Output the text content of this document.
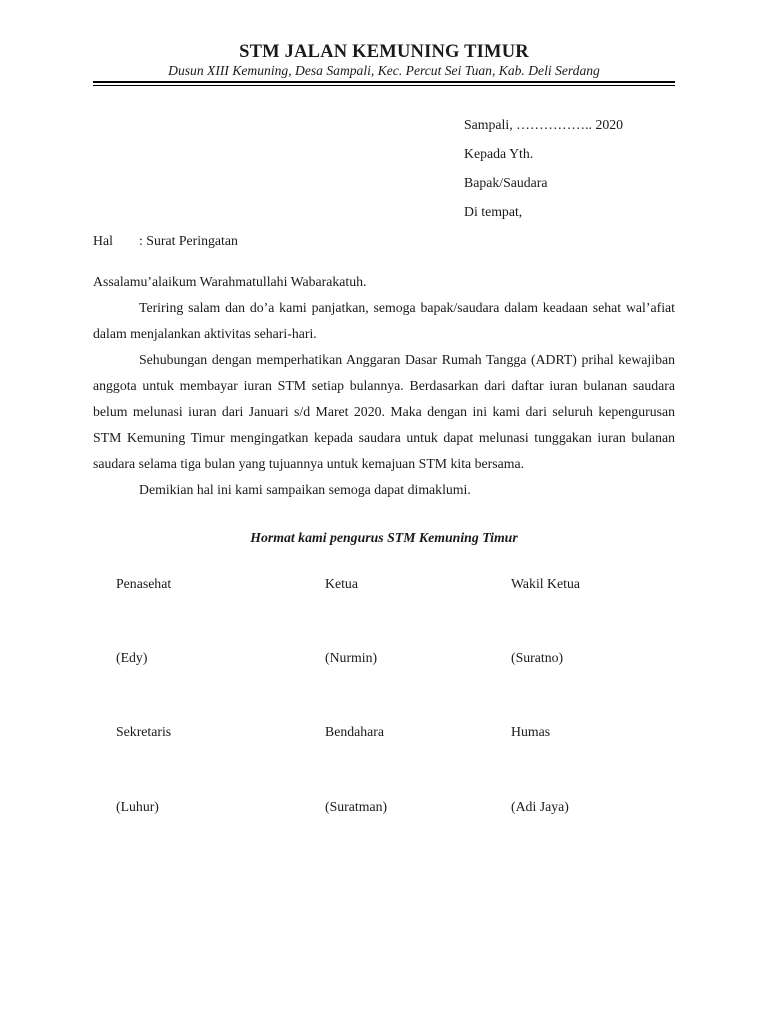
STM JALAN KEMUNING TIMUR
Dusun XIII Kemuning, Desa Sampali, Kec. Percut Sei Tuan, Kab. Deli Serdang
Sampali, …………….. 2020
Kepada Yth.
Bapak/Saudara
Di tempat,
Hal : Surat Peringatan

Assalamu’alaikum Warahmatullahi Wabarakatuh.

Teriring salam dan do’a kami panjatkan, semoga bapak/saudara dalam keadaan sehat wal’afiat dalam menjalankan aktivitas sehari-hari.

Sehubungan dengan memperhatikan Anggaran Dasar Rumah Tangga (ADRT) prihal kewajiban anggota untuk membayar iuran STM setiap bulannya. Berdasarkan dari daftar iuran bulanan saudara belum melunasi iuran dari Januari s/d Maret 2020. Maka dengan ini kami dari seluruh kepengurusan STM Kemuning Timur mengingatkan kepada saudara untuk dapat melunasi tunggakan iuran bulanan saudara selama tiga bulan yang tujuannya untuk kemajuan STM kita bersama.

Demikian hal ini kami sampaikan semoga dapat dimaklumi.

Hormat kami pengurus STM Kemuning Timur
Penasehat	Ketua	Wakil Ketua
(Edy)	(Nurmin)	(Suratno)
Sekretaris	Bendahara	Humas
(Luhur)	(Suratman)	(Adi Jaya)
